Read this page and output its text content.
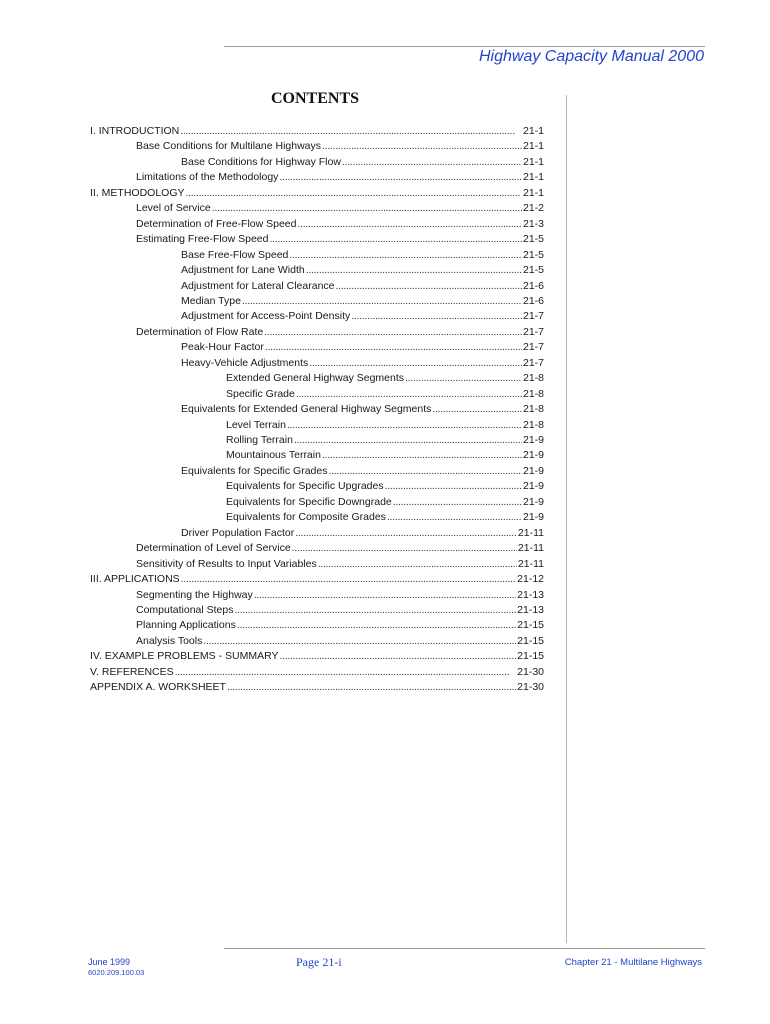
Highway Capacity Manual 2000
CONTENTS
I. INTRODUCTION . . .	21-1
Base Conditions for Multilane Highways . . .	21-1
Base Conditions for Highway Flow . . .	21-1
Limitations of the Methodology . . .	21-1
II. METHODOLOGY . . .	21-1
Level of Service . . .	21-2
Determination of Free-Flow Speed . . .	21-3
Estimating Free-Flow Speed . . .	21-5
Base Free-Flow Speed . . .	21-5
Adjustment for Lane Width . . .	21-5
Adjustment for Lateral Clearance . . .	21-6
Median Type . . .	21-6
Adjustment for Access-Point Density . . .	21-7
Determination of Flow Rate . . .	21-7
Peak-Hour Factor . . .	21-7
Heavy-Vehicle Adjustments . . .	21-7
Extended General Highway Segments . . .	21-8
Specific Grade . . .	21-8
Equivalents for Extended General Highway Segments . . .	21-8
Level Terrain . . .	21-8
Rolling Terrain . . .	21-9
Mountainous Terrain . . .	21-9
Equivalents for Specific Grades . . .	21-9
Equivalents for Specific Upgrades . . .	21-9
Equivalents for Specific Downgrade . . .	21-9
Equivalents for Composite Grades . . .	21-9
Driver Population Factor . . .	21-11
Determination of Level of Service . . .	21-11
Sensitivity of Results to Input Variables . . .	21-11
III. APPLICATIONS . . .	21-12
Segmenting the Highway . . .	21-13
Computational Steps . . .	21-13
Planning Applications . . .	21-15
Analysis Tools . . .	21-15
IV. EXAMPLE PROBLEMS - SUMMARY . . .	21-15
V. REFERENCES . . .	21-30
APPENDIX A. WORKSHEET . . .	21-30
June 1999
6020.209.100.03
Page 21-i	Chapter 21 - Multilane Highways
